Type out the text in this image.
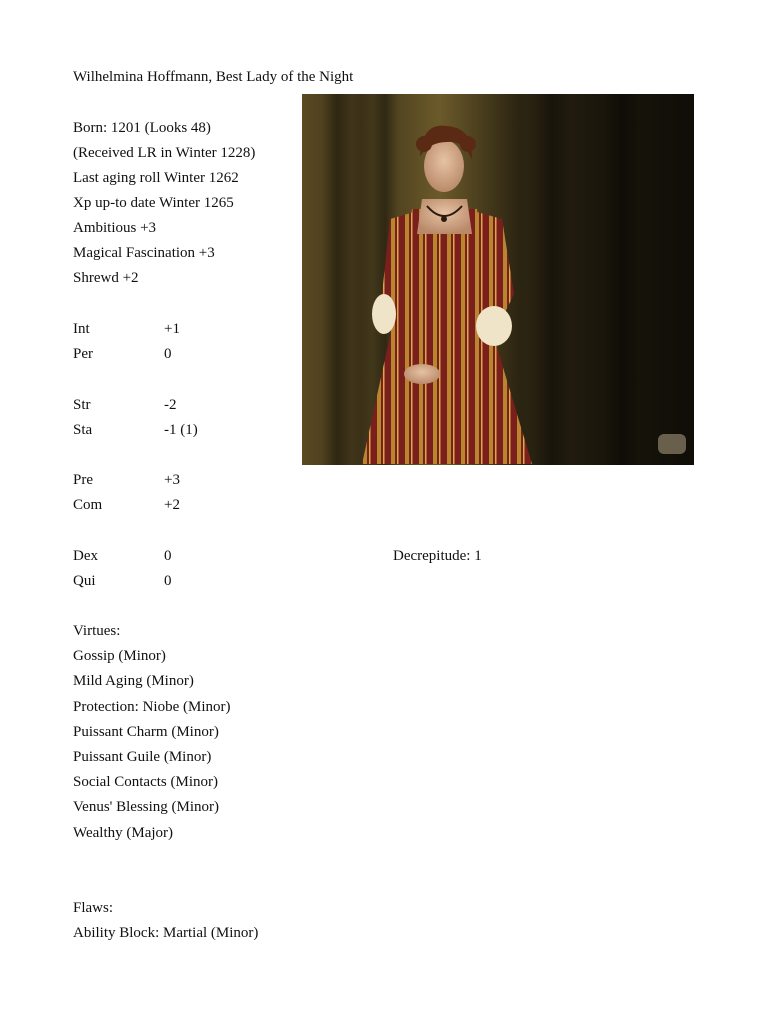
Wilhelmina Hoffmann, Best Lady of the Night
Born: 1201 (Looks 48)
(Received LR in Winter 1228)
Last aging roll Winter 1262
Xp up-to date Winter 1265
Ambitious +3
Magical Fascination +3
Shrewd +2
Int	+1
Per	0
Str	-2
Sta	-1 (1)
Pre	+3
Com	+2
Dex	0	Decrepitude: 1
Qui	0
Virtues:
Gossip (Minor)
Mild Aging (Minor)
Protection: Niobe (Minor)
Puissant Charm (Minor)
Puissant Guile (Minor)
Social Contacts (Minor)
Venus' Blessing (Minor)
Wealthy (Major)
Flaws:
Ability Block: Martial (Minor)
